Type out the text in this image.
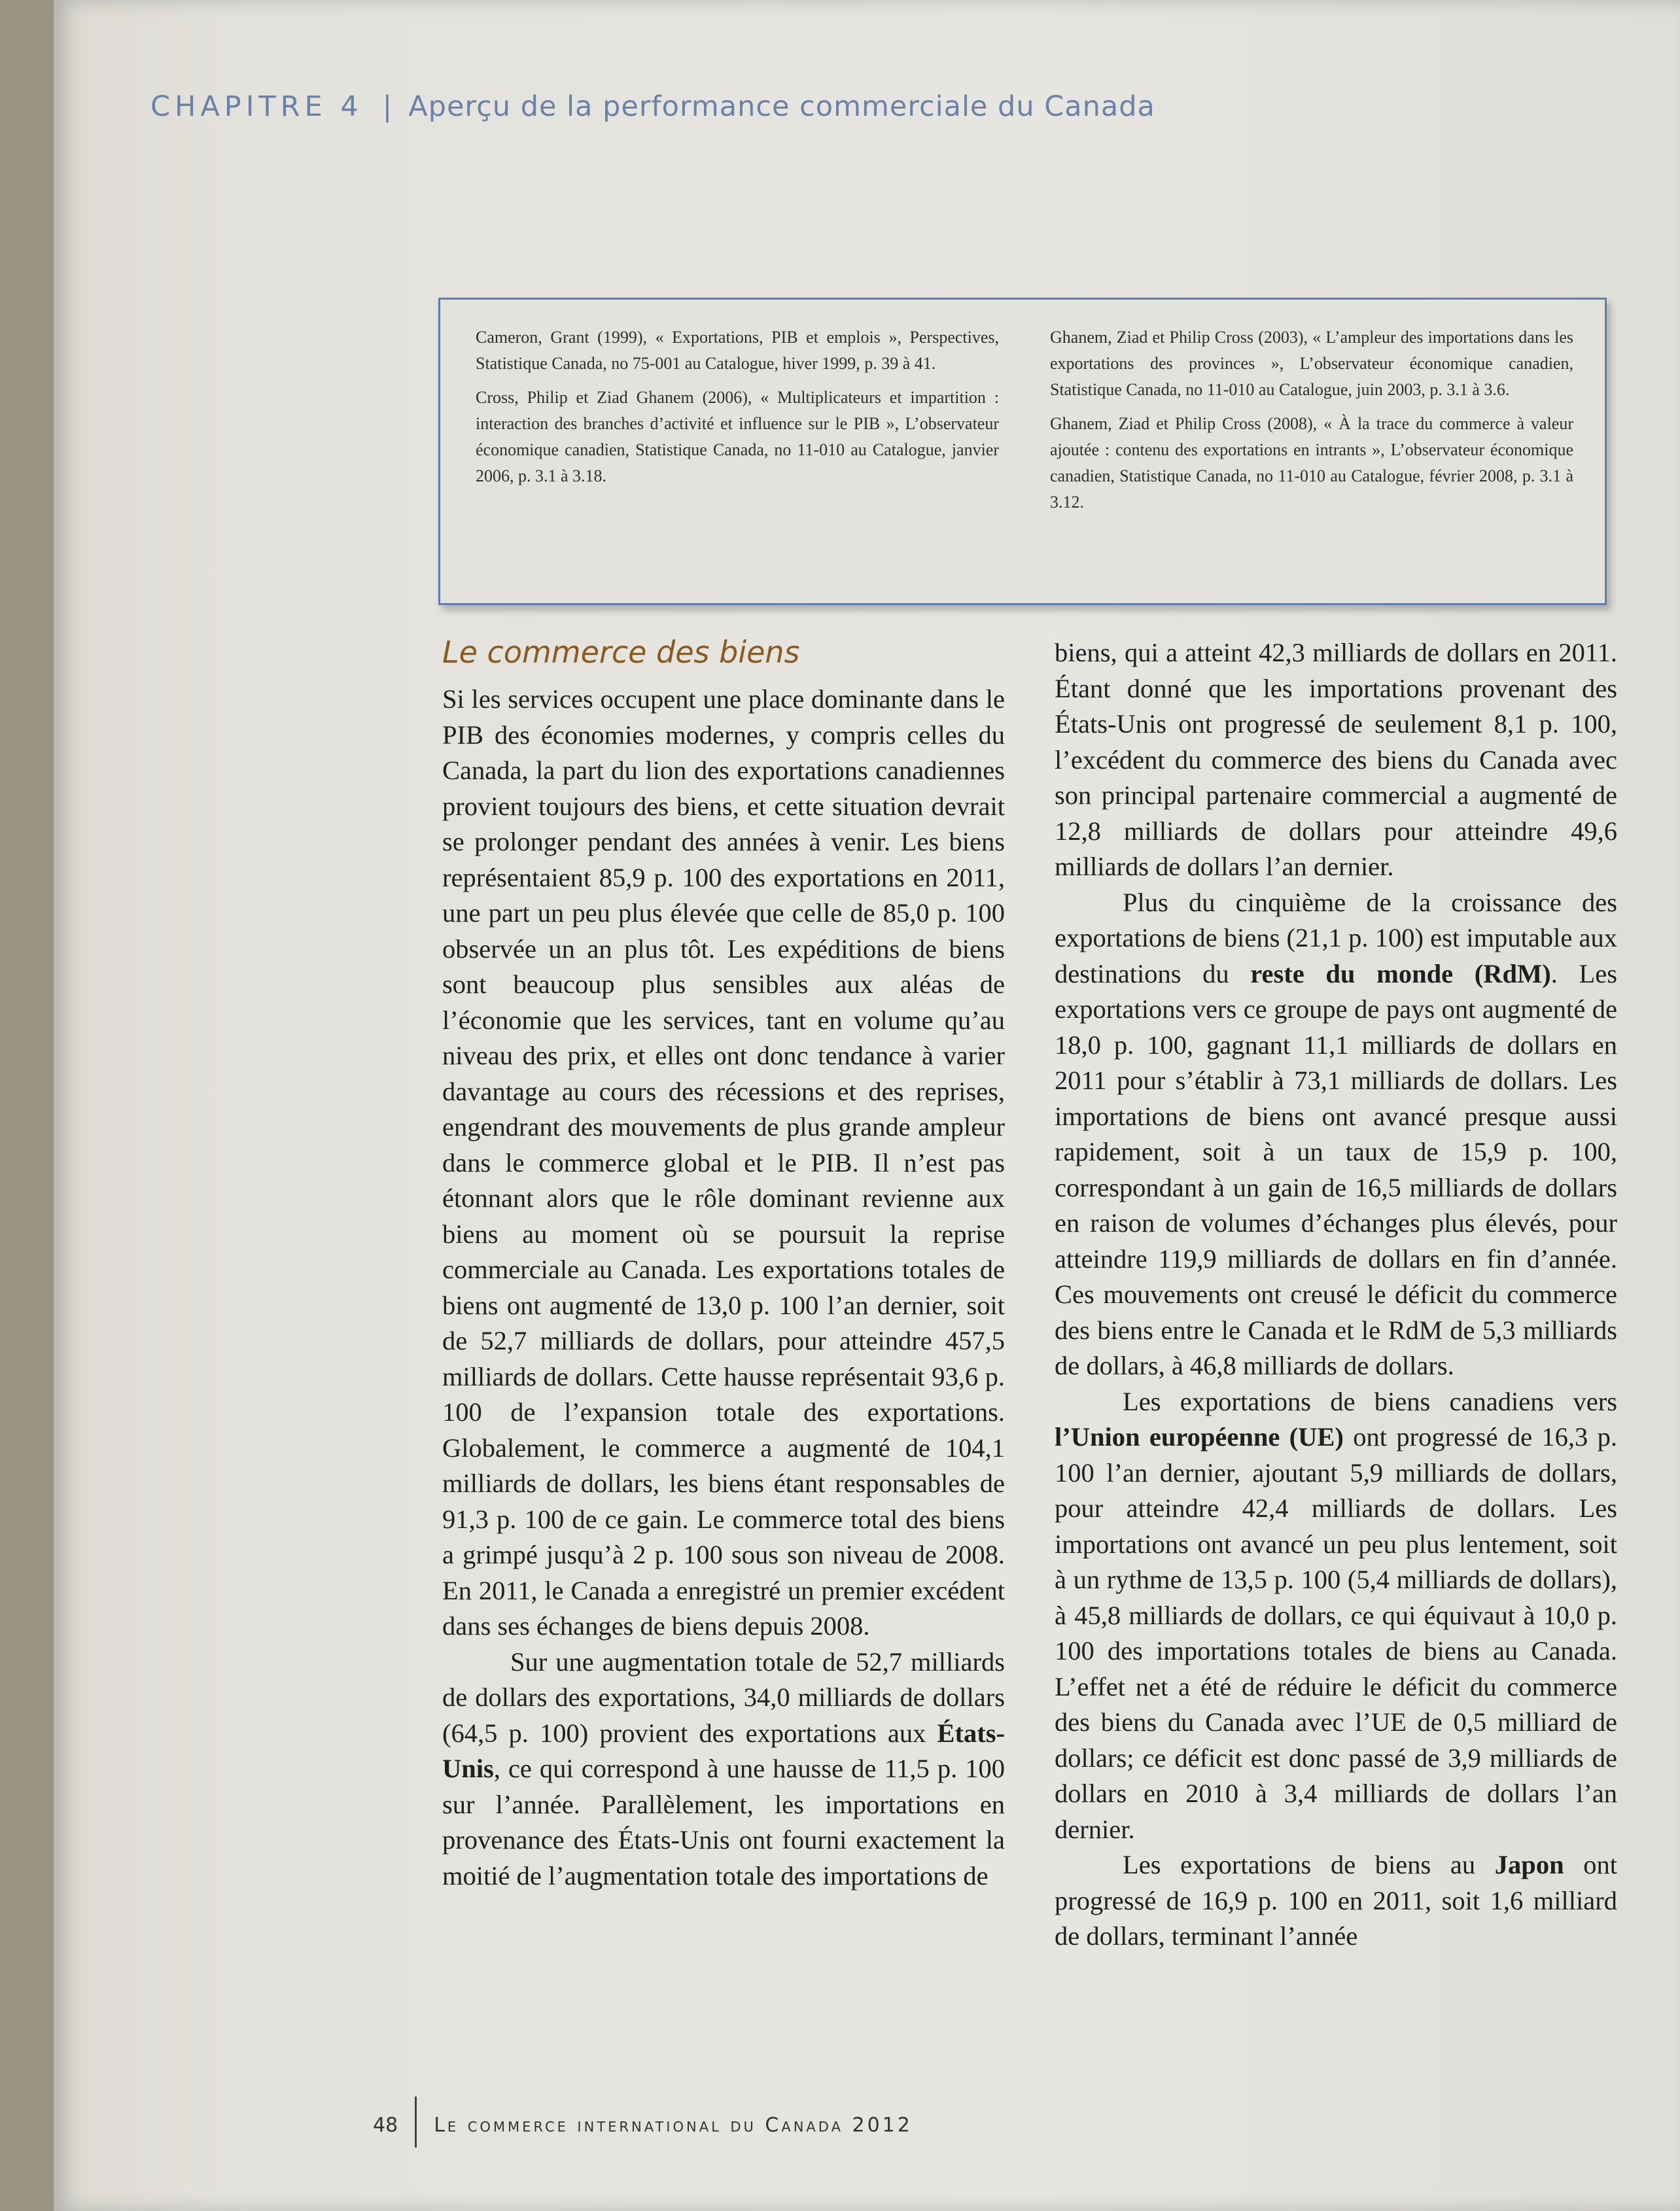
CHAPITRE 4 | Aperçu de la performance commerciale du Canada

Cameron, Grant (1999), « Exportations, PIB et emplois », Perspectives, Statistique Canada, no 75-001 au Catalogue, hiver 1999, p. 39 à 41.

Cross, Philip et Ziad Ghanem (2006), « Multiplicateurs et impartition : interaction des branches d’activité et influence sur le PIB », L’observateur économique canadien, Statistique Canada, no 11-010 au Catalogue, janvier 2006, p. 3.1 à 3.18.

Ghanem, Ziad et Philip Cross (2003), « L’ampleur des importations dans les exportations des provinces », L’observateur économique canadien, Statistique Canada, no 11-010 au Catalogue, juin 2003, p. 3.1 à 3.6.

Ghanem, Ziad et Philip Cross (2008), « À la trace du commerce à valeur ajoutée : contenu des exportations en intrants », L’observateur économique canadien, Statistique Canada, no 11-010 au Catalogue, février 2008, p. 3.1 à 3.12.

Le commerce des biens

Si les services occupent une place dominante dans le PIB des économies modernes, y compris celles du Canada, la part du lion des exportations canadiennes provient toujours des biens, et cette situation devrait se prolonger pendant des années à venir. Les biens représentaient 85,9 p. 100 des exportations en 2011, une part un peu plus élevée que celle de 85,0 p. 100 observée un an plus tôt. Les expéditions de biens sont beaucoup plus sensibles aux aléas de l’économie que les services, tant en volume qu’au niveau des prix, et elles ont donc tendance à varier davantage au cours des récessions et des reprises, engendrant des mouvements de plus grande ampleur dans le commerce global et le PIB. Il n’est pas étonnant alors que le rôle dominant revienne aux biens au moment où se poursuit la reprise commerciale au Canada. Les exportations totales de biens ont augmenté de 13,0 p. 100 l’an dernier, soit de 52,7 milliards de dollars, pour atteindre 457,5 milliards de dollars. Cette hausse représentait 93,6 p. 100 de l’expansion totale des exportations. Globalement, le commerce a augmenté de 104,1 milliards de dollars, les biens étant responsables de 91,3 p. 100 de ce gain. Le commerce total des biens a grimpé jusqu’à 2 p. 100 sous son niveau de 2008. En 2011, le Canada a enregistré un premier excédent dans ses échanges de biens depuis 2008.

Sur une augmentation totale de 52,7 milliards de dollars des exportations, 34,0 milliards de dollars (64,5 p. 100) provient des exportations aux États-Unis, ce qui correspond à une hausse de 11,5 p. 100 sur l’année. Parallèlement, les importations en provenance des États-Unis ont fourni exactement la moitié de l’augmentation totale des importations de

biens, qui a atteint 42,3 milliards de dollars en 2011. Étant donné que les importations provenant des États-Unis ont progressé de seulement 8,1 p. 100, l’excédent du commerce des biens du Canada avec son principal partenaire commercial a augmenté de 12,8 milliards de dollars pour atteindre 49,6 milliards de dollars l’an dernier.

Plus du cinquième de la croissance des exportations de biens (21,1 p. 100) est imputable aux destinations du reste du monde (RdM). Les exportations vers ce groupe de pays ont augmenté de 18,0 p. 100, gagnant 11,1 milliards de dollars en 2011 pour s’établir à 73,1 milliards de dollars. Les importations de biens ont avancé presque aussi rapidement, soit à un taux de 15,9 p. 100, correspondant à un gain de 16,5 milliards de dollars en raison de volumes d’échanges plus élevés, pour atteindre 119,9 milliards de dollars en fin d’année. Ces mouvements ont creusé le déficit du commerce des biens entre le Canada et le RdM de 5,3 milliards de dollars, à 46,8 milliards de dollars.

Les exportations de biens canadiens vers l’Union européenne (UE) ont progressé de 16,3 p. 100 l’an dernier, ajoutant 5,9 milliards de dollars, pour atteindre 42,4 milliards de dollars. Les importations ont avancé un peu plus lentement, soit à un rythme de 13,5 p. 100 (5,4 milliards de dollars), à 45,8 milliards de dollars, ce qui équivaut à 10,0 p. 100 des importations totales de biens au Canada. L’effet net a été de réduire le déficit du commerce des biens du Canada avec l’UE de 0,5 milliard de dollars; ce déficit est donc passé de 3,9 milliards de dollars en 2010 à 3,4 milliards de dollars l’an dernier.

Les exportations de biens au Japon ont progressé de 16,9 p. 100 en 2011, soit 1,6 milliard de dollars, terminant l’année

48 Le commerce international du Canada 2012
